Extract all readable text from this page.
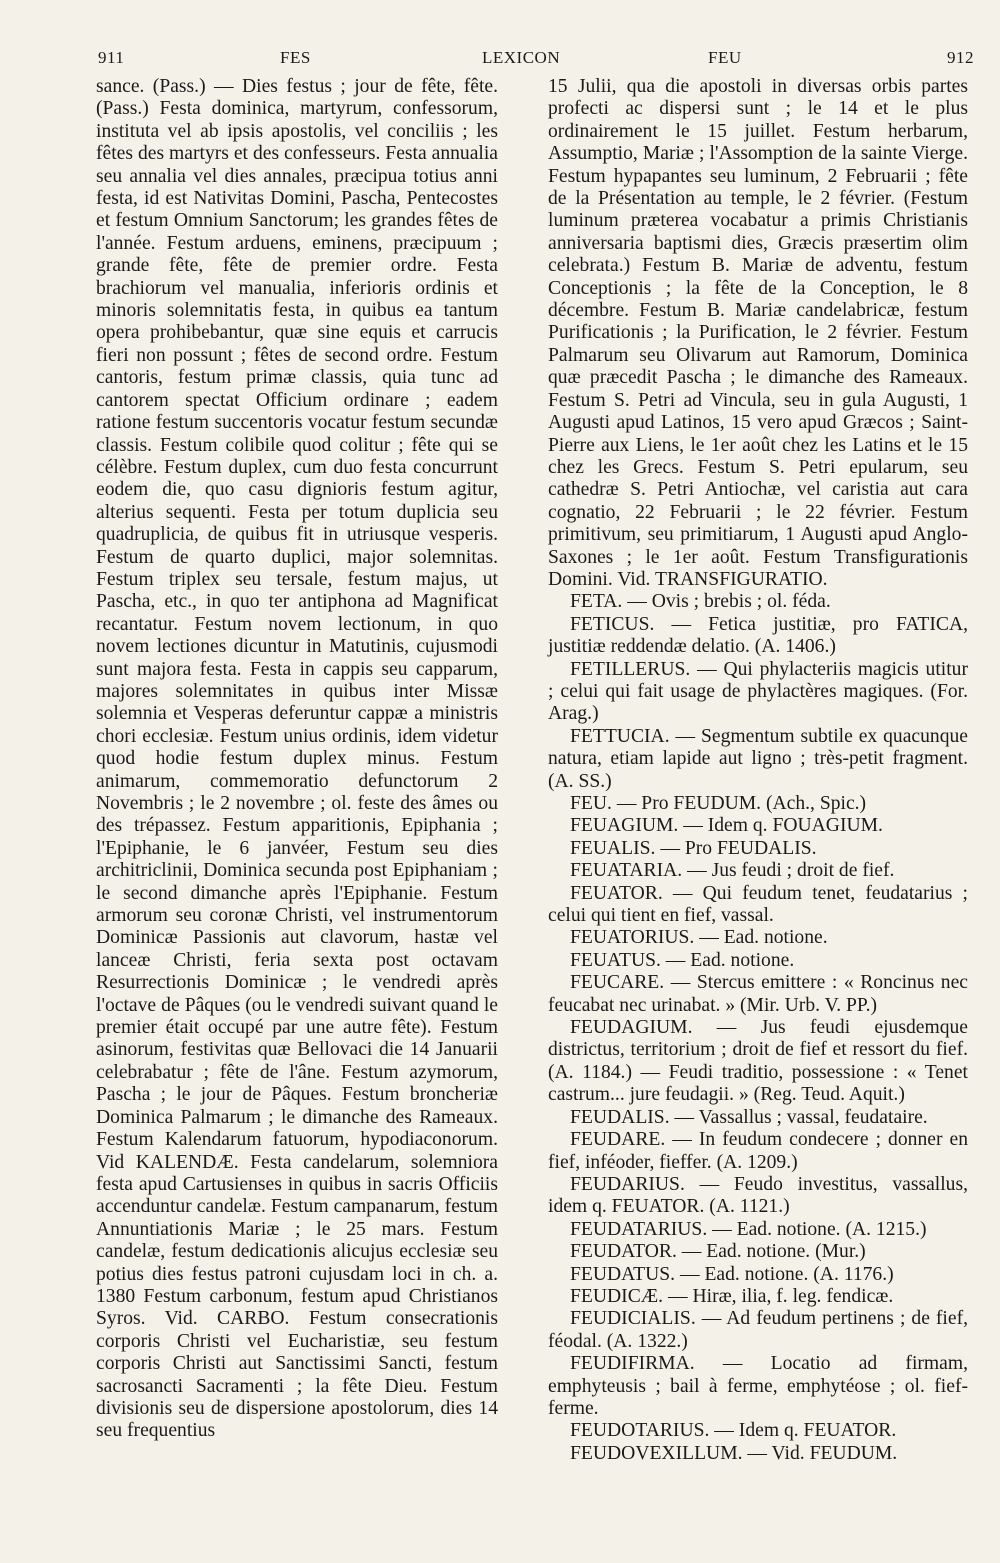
911	FES	LEXICON	FEU	912

sance. (Pass.) — Dies festus ; jour de fête, fête. (Pass.) Festa dominica, martyrum, confessorum, instituta vel ab ipsis apostolis, vel conciliis ; les fêtes des martyrs et des confesseurs. Festa annualia seu annalia vel dies annales, præcipua totius anni festa, id est Nativitas Domini, Pascha, Pentecostes et festum Omnium Sanctorum; les grandes fêtes de l'année. Festum arduens, eminens, præcipuum ; grande fête, fête de premier ordre. Festa brachiorum vel manualia, inferioris ordinis et minoris solemnitatis festa, in quibus ea tantum opera prohibebantur, quæ sine equis et carrucis fieri non possunt ; fêtes de second ordre. Festum cantoris, festum primæ classis, quia tunc ad cantorem spectat Officium ordinare ; eadem ratione festum succentoris vocatur festum secundæ classis. Festum colibile quod colitur ; fête qui se célèbre. Festum duplex, cum duo festa concurrunt eodem die, quo casu dignioris festum agitur, alterius sequenti. Festa per totum duplicia seu quadruplicia, de quibus fit in utriusque vesperis. Festum de quarto duplici, major solemnitas. Festum triplex seu tersale, festum majus, ut Pascha, etc., in quo ter antiphona ad Magnificat recantatur. Festum novem lectionum, in quo novem lectiones dicuntur in Matutinis, cujusmodi sunt majora festa. Festa in cappis seu capparum, majores solemnitates in quibus inter Missæ solemnia et Vesperas deferuntur cappæ a ministris chori ecclesiæ. Festum unius ordinis, idem videtur quod hodie festum duplex minus. Festum animarum, commemoratio defunctorum 2 Novembris ; le 2 novembre ; ol. feste des âmes ou des trépassez. Festum apparitionis, Epiphania ; l'Epiphanie, le 6 janvéer, Festum seu dies architriclinii, Dominica secunda post Epiphaniam ; le second dimanche après l'Epiphanie. Festum armorum seu coronæ Christi, vel instrumentorum Dominicæ Passionis aut clavorum, hastæ vel lanceæ Christi, feria sexta post octavam Resurrectionis Dominicæ ; le vendredi après l'octave de Pâques (ou le vendredi suivant quand le premier était occupé par une autre fête). Festum asinorum, festivitas quæ Bellovaci die 14 Januarii celebrabatur ; fête de l'âne. Festum azymorum, Pascha ; le jour de Pâques. Festum broncheriæ Dominica Palmarum ; le dimanche des Rameaux. Festum Kalendarum fatuorum, hypodiaconorum. Vid KALENDÆ. Festa candelarum, solemniora festa apud Cartusienses in quibus in sacris Officiis accenduntur candelæ. Festum campanarum, festum Annuntiationis Mariæ ; le 25 mars. Festum candelæ, festum dedicationis alicujus ecclesiæ seu potius dies festus patroni cujusdam loci in ch. a. 1380 Festum carbonum, festum apud Christianos Syros. Vid. CARBO. Festum consecrationis corporis Christi vel Eucharistiæ, seu festum corporis Christi aut Sanctissimi Sancti, festum sacrosancti Sacramenti ; la fête Dieu. Festum divisionis seu de dispersione apostolorum, dies 14 seu frequentius

15 Julii, qua die apostoli in diversas orbis partes profecti ac dispersi sunt ; le 14 et le plus ordinairement le 15 juillet. Festum herbarum, Assumptio, Mariæ ; l'Assomption de la sainte Vierge. Festum hypapantes seu luminum, 2 Februarii ; fête de la Présentation au temple, le 2 février. (Festum luminum præterea vocabatur a primis Christianis anniversaria baptismi dies, Græcis præsertim olim celebrata.) Festum B. Mariæ de adventu, festum Conceptionis ; la fête de la Conception, le 8 décembre. Festum B. Mariæ candelabricæ, festum Purificationis ; la Purification, le 2 février. Festum Palmarum seu Olivarum aut Ramorum, Dominica quæ præcedit Pascha ; le dimanche des Rameaux. Festum S. Petri ad Vincula, seu in gula Augusti, 1 Augusti apud Latinos, 15 vero apud Græcos ; Saint-Pierre aux Liens, le 1er août chez les Latins et le 15 chez les Grecs. Festum S. Petri epularum, seu cathedræ S. Petri Antiochæ, vel caristia aut cara cognatio, 22 Februarii ; le 22 février. Festum primitivum, seu primitiarum, 1 Augusti apud Anglo-Saxones ; le 1er août. Festum Transfigurationis Domini. Vid. TRANSFIGURATIO.

FETA. — Ovis ; brebis ; ol. féda.

FETICUS. — Fetica justitiæ, pro FATICA, justitiæ reddendæ delatio. (A. 1406.)

FETILLERUS. — Qui phylacteriis magicis utitur ; celui qui fait usage de phylactères magiques. (For. Arag.)

FETTUCIA. — Segmentum subtile ex quacunque natura, etiam lapide aut ligno ; très-petit fragment. (A. SS.)

FEU. — Pro FEUDUM. (Ach., Spic.)

FEUAGIUM. — Idem q. FOUAGIUM.

FEUALIS. — Pro FEUDALIS.

FEUATARIA. — Jus feudi ; droit de fief.

FEUATOR. — Qui feudum tenet, feudatarius ; celui qui tient en fief, vassal.

FEUATORIUS. — Ead. notione.

FEUATUS. — Ead. notione.

FEUCARE. — Stercus emittere : « Roncinus nec feucabat nec urinabat. » (Mir. Urb. V. PP.)

FEUDAGIUM. — Jus feudi ejusdemque districtus, territorium ; droit de fief et ressort du fief. (A. 1184.) — Feudi traditio, possessione : « Tenet castrum... jure feudagii. » (Reg. Teud. Aquit.)

FEUDALIS. — Vassallus ; vassal, feudataire.

FEUDARE. — In feudum condecere ; donner en fief, inféoder, fieffer. (A. 1209.)

FEUDARIUS. — Feudo investitus, vassallus, idem q. FEUATOR. (A. 1121.)

FEUDATARIUS. — Ead. notione. (A. 1215.)

FEUDATOR. — Ead. notione. (Mur.)

FEUDATUS. — Ead. notione. (A. 1176.)

FEUDICÆ. — Hiræ, ilia, f. leg. fendicæ.

FEUDICIALIS. — Ad feudum pertinens ; de fief, féodal. (A. 1322.)

FEUDIFIRMA. — Locatio ad firmam, emphyteusis ; bail à ferme, emphytéose ; ol. fief-ferme.

FEUDOTARIUS. — Idem q. FEUATOR.

FEUDOVEXILLUM. — Vid. FEUDUM.
